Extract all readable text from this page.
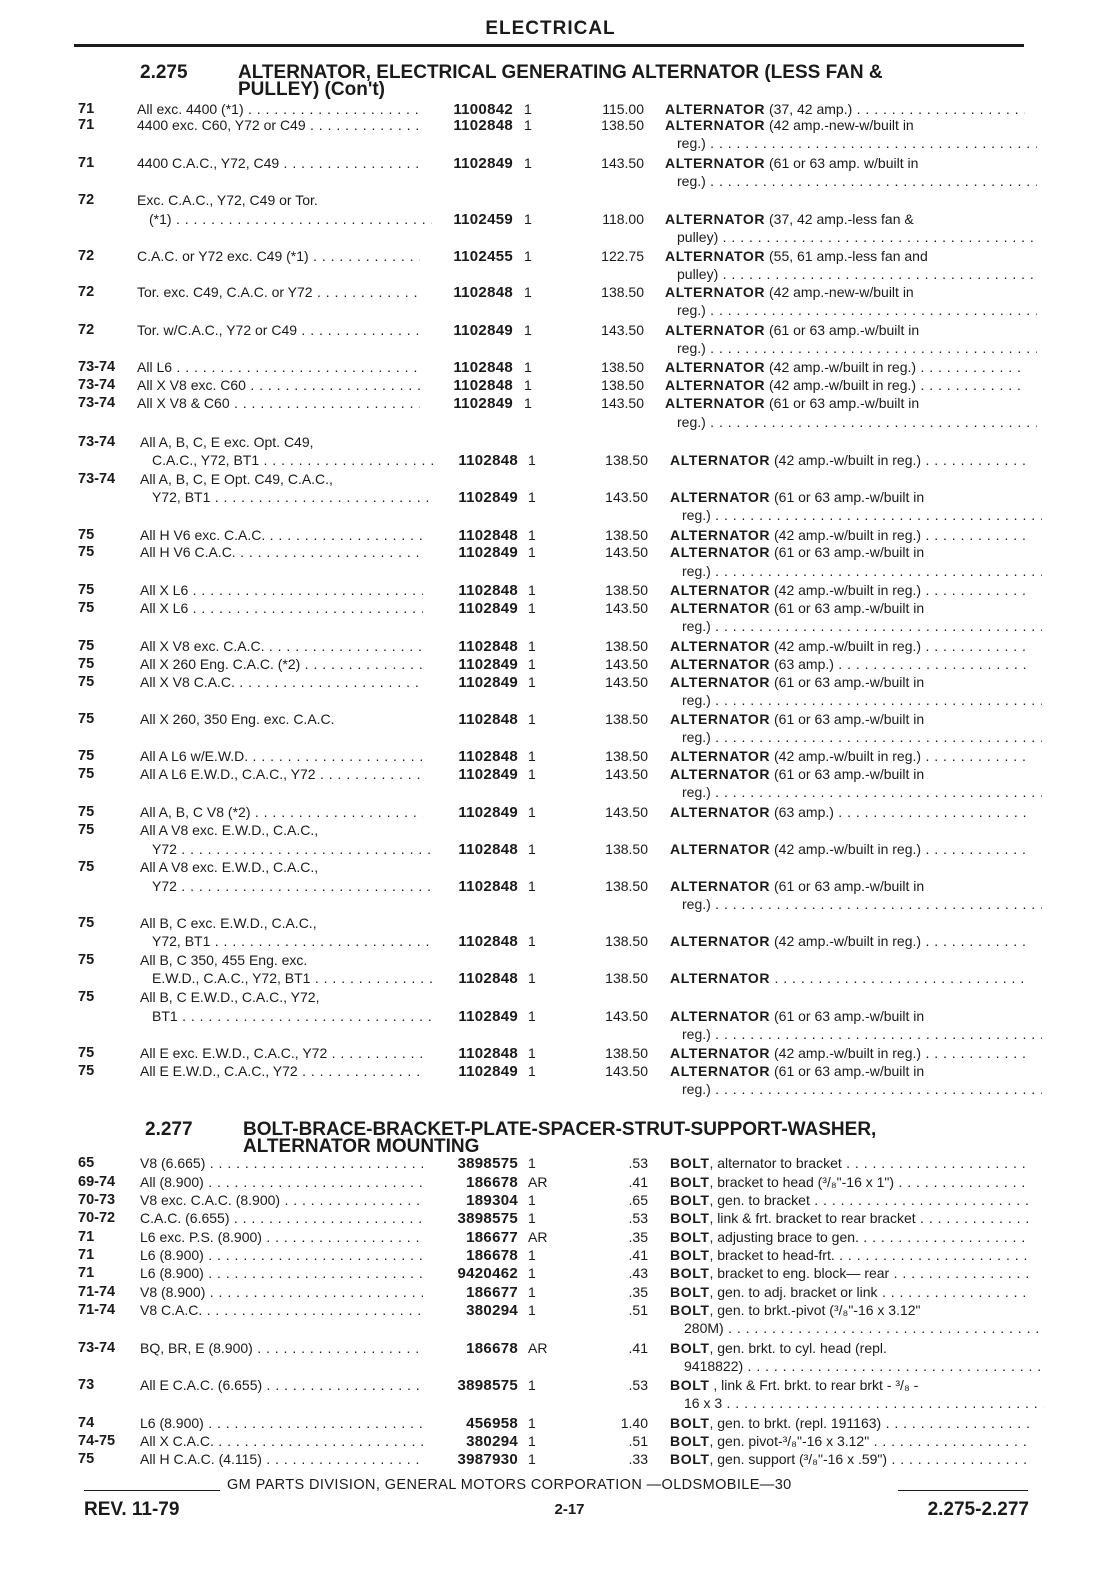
ELECTRICAL
2.275	ALTERNATOR, ELECTRICAL GENERATING ALTERNATOR (LESS FAN &
PULLEY) (Con't)
71	All exc. 4400 (*1) . . .	1100842 1	115.00 ALTERNATOR (37, 42 amp.) . . .
71	4400 exc. C60, Y72 or C49 . . .	1102848 1	138.50 ALTERNATOR (42 amp.-new-w/built in
reg.) . . .
71	4400 C.A.C., Y72, C49 . . .	1102849 1	143.50 ALTERNATOR (61 or 63 amp. w/built in
reg.) . . .
72	Exc. C.A.C., Y72, C49 or Tor.
(*1) . . .	1102459 1	118.00 ALTERNATOR (37, 42 amp.-less fan &
pulley) . . .
72	C.A.C. or Y72 exc. C49 (*1) . . .	1102455 1	122.75 ALTERNATOR (55, 61 amp.-less fan and
pulley) . . .
72	Tor. exc. C49, C.A.C. or Y72 . . .	1102848 1	138.50 ALTERNATOR (42 amp.-new-w/built in
reg.) . . .
72	Tor. w/C.A.C., Y72 or C49 . . .	1102849 1	143.50 ALTERNATOR (61 or 63 amp.-w/built in
reg.) . . .
73-74	All L6 . . .	1102848 1	138.50 ALTERNATOR (42 amp.-w/built in reg.) . . .
73-74	All X V8 exc. C60 . . .	1102848 1	138.50 ALTERNATOR (42 amp.-w/built in reg.) . . .
73-74	All X V8 & C60 . . .	1102849 1	143.50 ALTERNATOR (61 or 63 amp.-w/built in
reg.) . . .
73-74	All A, B, C, E exc. Opt. C49,
C.A.C., Y72, BT1 . . .	1102848 1	138.50 ALTERNATOR (42 amp.-w/built in reg.) . . .
73-74	All A, B, C, E Opt. C49, C.A.C.,
Y72, BT1 . . .	1102849 1	143.50 ALTERNATOR (61 or 63 amp.-w/built in
reg.) . . .
75	All H V6 exc. C.A.C. . . .	1102848 1	138.50 ALTERNATOR (42 amp.-w/built in reg.) . . .
75	All H V6 C.A.C. . . .	1102849 1	143.50 ALTERNATOR (61 or 63 amp.-w/built in
reg.) . . .
75	All X L6 . . .	1102848 1	138.50 ALTERNATOR (42 amp.-w/built in reg.) . . .
75	All X L6 . . .	1102849 1	143.50 ALTERNATOR (61 or 63 amp.-w/built in
reg.) . . .
75	All X V8 exc. C.A.C. . . .	1102848 1	138.50 ALTERNATOR (42 amp.-w/built in reg.) . . .
75	All X 260 Eng. C.A.C. (*2) . . .	1102849 1	143.50 ALTERNATOR (63 amp.) . . .
75	All X V8 C.A.C. . . .	1102849 1	143.50 ALTERNATOR (61 or 63 amp.-w/built in
reg.) . . .
75	All X 260, 350 Eng. exc. C.A.C.	1102848 1	138.50 ALTERNATOR (61 or 63 amp.-w/built in
reg.) . . .
75	All A L6 w/E.W.D. . . .	1102848 1	138.50 ALTERNATOR (42 amp.-w/built in reg.) . . .
75	All A L6 E.W.D., C.A.C., Y72 . . .	1102849 1	143.50 ALTERNATOR (61 or 63 amp.-w/built in
reg.) . . .
75	All A, B, C V8 (*2) . . .	1102849 1	143.50 ALTERNATOR (63 amp.) . . .
75	All A V8 exc. E.W.D., C.A.C.,
Y72 . . .	1102848 1	138.50 ALTERNATOR (42 amp.-w/built in reg.) . . .
75	All A V8 exc. E.W.D., C.A.C.,
Y72 . . .	1102848 1	138.50 ALTERNATOR (61 or 63 amp.-w/built in
reg.) . . .
75	All B, C exc. E.W.D., C.A.C.,
Y72, BT1 . . .	1102848 1	138.50 ALTERNATOR (42 amp.-w/built in reg.) . . .
75	All B, C 350, 455 Eng. exc.
E.W.D., C.A.C., Y72, BT1 . . .	1102848 1	138.50 ALTERNATOR . . .
75	All B, C E.W.D., C.A.C., Y72,
BT1 . . .	1102849 1	143.50 ALTERNATOR (61 or 63 amp.-w/built in
reg.) . . .
75	All E exc. E.W.D., C.A.C., Y72 . . .	1102848 1	138.50 ALTERNATOR (42 amp.-w/built in reg.) . . .
75	All E E.W.D., C.A.C., Y72 . . .	1102849 1	143.50 ALTERNATOR (61 or 63 amp.-w/built in
reg.) . . .
2.277	BOLT-BRACE-BRACKET-PLATE-SPACER-STRUT-SUPPORT-WASHER,
ALTERNATOR MOUNTING
65	V8 (6.665) . . .	3898575 1	.53 BOLT, alternator to bracket . . .
69-74	All (8.900) . . .	186678 AR	.41 BOLT, bracket to head (³/₈"-16 x 1") . . .
70-73	V8 exc. C.A.C. (8.900) . . .	189304 1	.65 BOLT, gen. to bracket . . .
70-72	C.A.C. (6.655) . . .	3898575 1	.53 BOLT, link & frt. bracket to rear bracket . . .
71	L6 exc. P.S. (8.900) . . .	186677 AR	.35 BOLT, adjusting brace to gen. . . .
71	L6 (8.900) . . .	186678 1	.41 BOLT, bracket to head-frt. . . .
71	L6 (8.900) . . .	9420462 1	.43 BOLT, bracket to eng. block— rear . . .
71-74	V8 (8.900) . . .	186677 1	.35 BOLT, gen. to adj. bracket or link . . .
71-74	V8 C.A.C. . . .	380294 1	.51 BOLT, gen. to brkt.-pivot (³/₈"-16 x 3.12"
280M) . . .
73-74	BQ, BR, E (8.900) . . .	186678 AR	.41 BOLT, gen. brkt. to cyl. head (repl.
9418822) . . .
73	All E C.A.C. (6.655) . . .	3898575 1	.53 BOLT , link & Frt. brkt. to rear brkt - ³/₈ -
16 x 3 . . .
74	L6 (8.900) . . .	456958 1	1.40 BOLT, gen. to brkt. (repl. 191163) . . .
74-75	All X C.A.C. . . .	380294 1	.51 BOLT, gen. pivot-³/₈"-16 x 3.12" . . .
75	All H C.A.C. (4.115) . . .	3987930 1	.33 BOLT, gen. support (³/₈"-16 x .59") . . .
GM PARTS DIVISION, GENERAL MOTORS CORPORATION —OLDSMOBILE—30
REV. 11-79	2-17	2.275-2.277
